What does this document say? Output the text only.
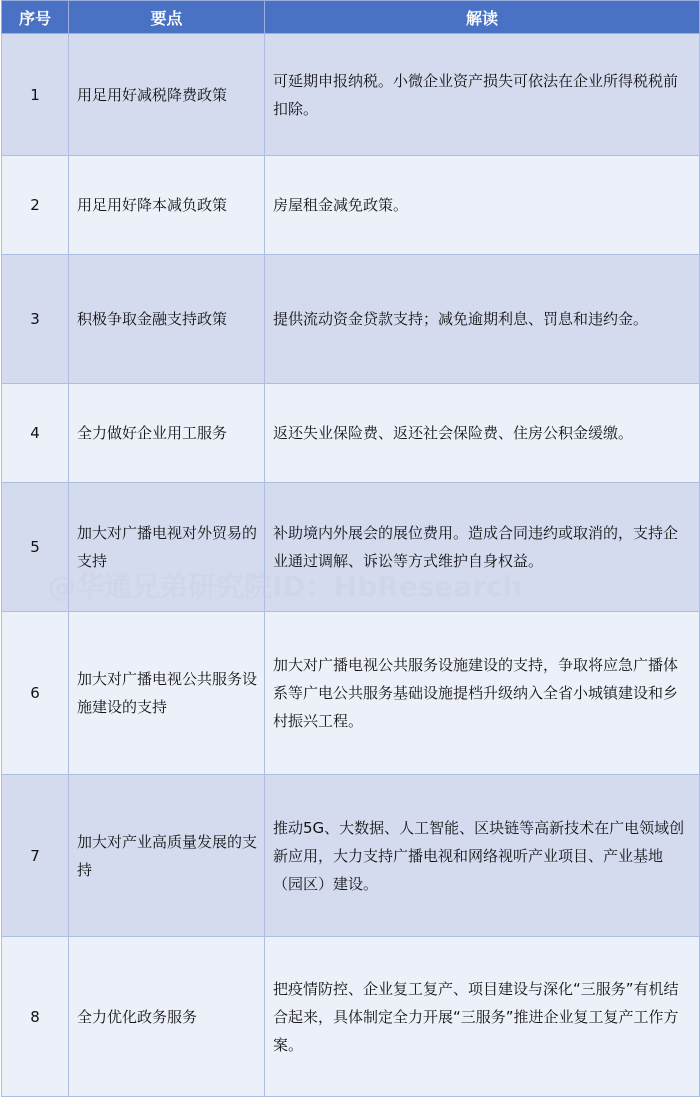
序号	要点	解读
1	用足用好减税降费政策	可延期申报纳税。小微企业资产损失可依法在企业所得税税前扣除。
2	用足用好降本减负政策	房屋租金减免政策。
3	积极争取金融支持政策	提供流动资金贷款支持；减免逾期利息、罚息和违约金。
4	全力做好企业用工服务	返还失业保险费、返还社会保险费、住房公积金缓缴。
5	加大对广播电视对外贸易的支持	补助境内外展会的展位费用。造成合同违约或取消的，支持企业通过调解、诉讼等方式维护自身权益。
6	加大对广播电视公共服务设施建设的支持	加大对广播电视公共服务设施建设的支持，争取将应急广播体系等广电公共服务基础设施提档升级纳入全省小城镇建设和乡村振兴工程。
7	加大对产业高质量发展的支持	推动5G、大数据、人工智能、区块链等高新技术在广电领域创新应用，大力支持广播电视和网络视听产业项目、产业基地（园区）建设。
8	全力优化政务服务	把疫情防控、企业复工复产、项目建设与深化“三服务”有机结合起来，具体制定全力开展“三服务”推进企业复工复产工作方案。
@华通兄弟研究院ID：HbResearch
